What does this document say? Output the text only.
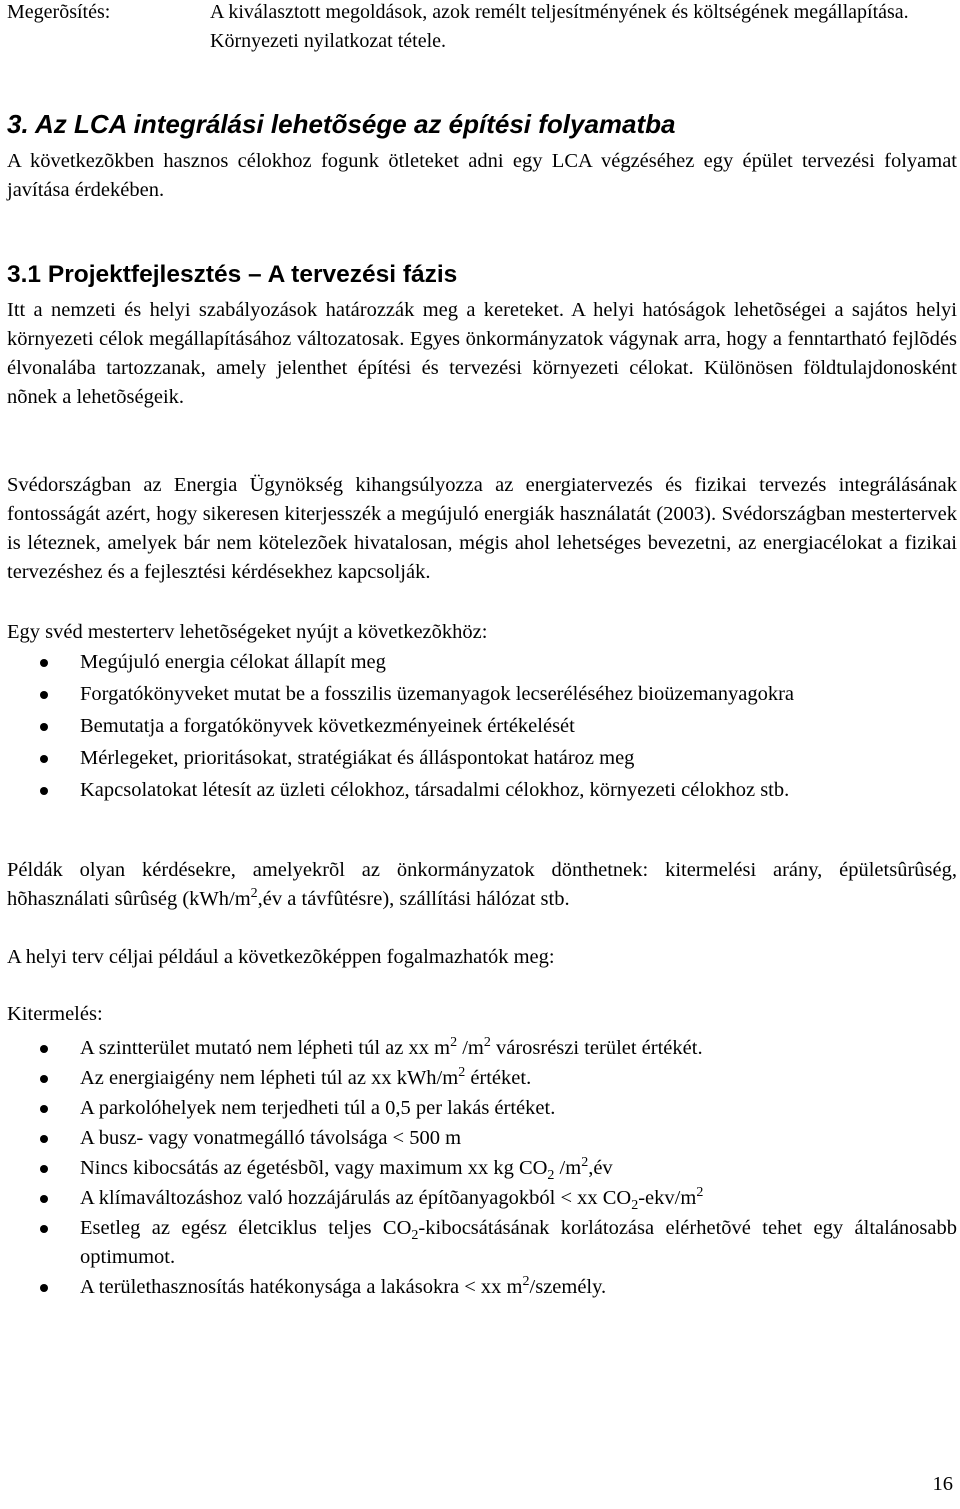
Megerõsítés:	A kiválasztott megoldások, azok remélt teljesítményének és költségének megállapítása. Környezeti nyilatkozat tétele.
3. Az LCA integrálási lehetõsége az építési folyamatba

A következõkben hasznos célokhoz fogunk ötleteket adni egy LCA végzéséhez egy épület tervezési folyamat javítása érdekében.

3.1 Projektfejlesztés – A tervezési fázis

Itt a nemzeti és helyi szabályozások határozzák meg a kereteket. A helyi hatóságok lehetõségei a sajátos helyi környezeti célok megállapításához változatosak. Egyes önkormányzatok vágynak arra, hogy a fenntartható fejlõdés élvonalába tartozzanak, amely jelenthet építési és tervezési környezeti célokat. Különösen földtulajdonosként nõnek a lehetõségeik.

Svédországban az Energia Ügynökség kihangsúlyozza az energiatervezés és fizikai tervezés integrálásának fontosságát azért, hogy sikeresen kiterjesszék a megújuló energiák használatát (2003). Svédországban mestertervek is léteznek, amelyek bár nem kötelezõek hivatalosan, mégis ahol lehetséges bevezetni, az energiacélokat a fizikai tervezéshez és a fejlesztési kérdésekhez kapcsolják.

Egy svéd mesterterv lehetõségeket nyújt a következõkhöz:

Megújuló energia célokat állapít meg
Forgatókönyveket mutat be a fosszilis üzemanyagok lecseréléséhez bioüzemanyagokra
Bemutatja a forgatókönyvek következményeinek értékelését
Mérlegeket, prioritásokat, stratégiákat és álláspontokat határoz meg
Kapcsolatokat létesít az üzleti célokhoz, társadalmi célokhoz, környezeti célokhoz stb.

Példák olyan kérdésekre, amelyekrõl az önkormányzatok dönthetnek: kitermelési arány, épületsûrûség, hõhasználati sûrûség ($kWh/m^2,év$ a távfûtésre), szállítási hálózat stb.

A helyi terv céljai például a következõképpen fogalmazhatók meg:

Kitermelés:

A szintterület mutató nem lépheti túl az xx $m^2$ $/m^2$ városrészi terület értékét.
Az energiaigény nem lépheti túl az xx kWh/$m^2$ értéket.
A parkolóhelyek nem terjedheti túl a 0,5 per lakás értéket.
A busz- vagy vonatmegálló távolsága < 500 m
Nincs kibocsátás az égetésbõl, vagy maximum xx kg $CO_2$ $/m^2,év$
A klímaváltozáshoz való hozzájárulás az építõanyagokból < xx $CO_2-ekv/m^2$
Esetleg az egész életciklus teljes $CO_2$-kibocsátásának korlátozása elérhetõvé tehet egy általánosabb optimumot.
A területhasznosítás hatékonysága a lakásokra < xx $m^2$/személy.
16
